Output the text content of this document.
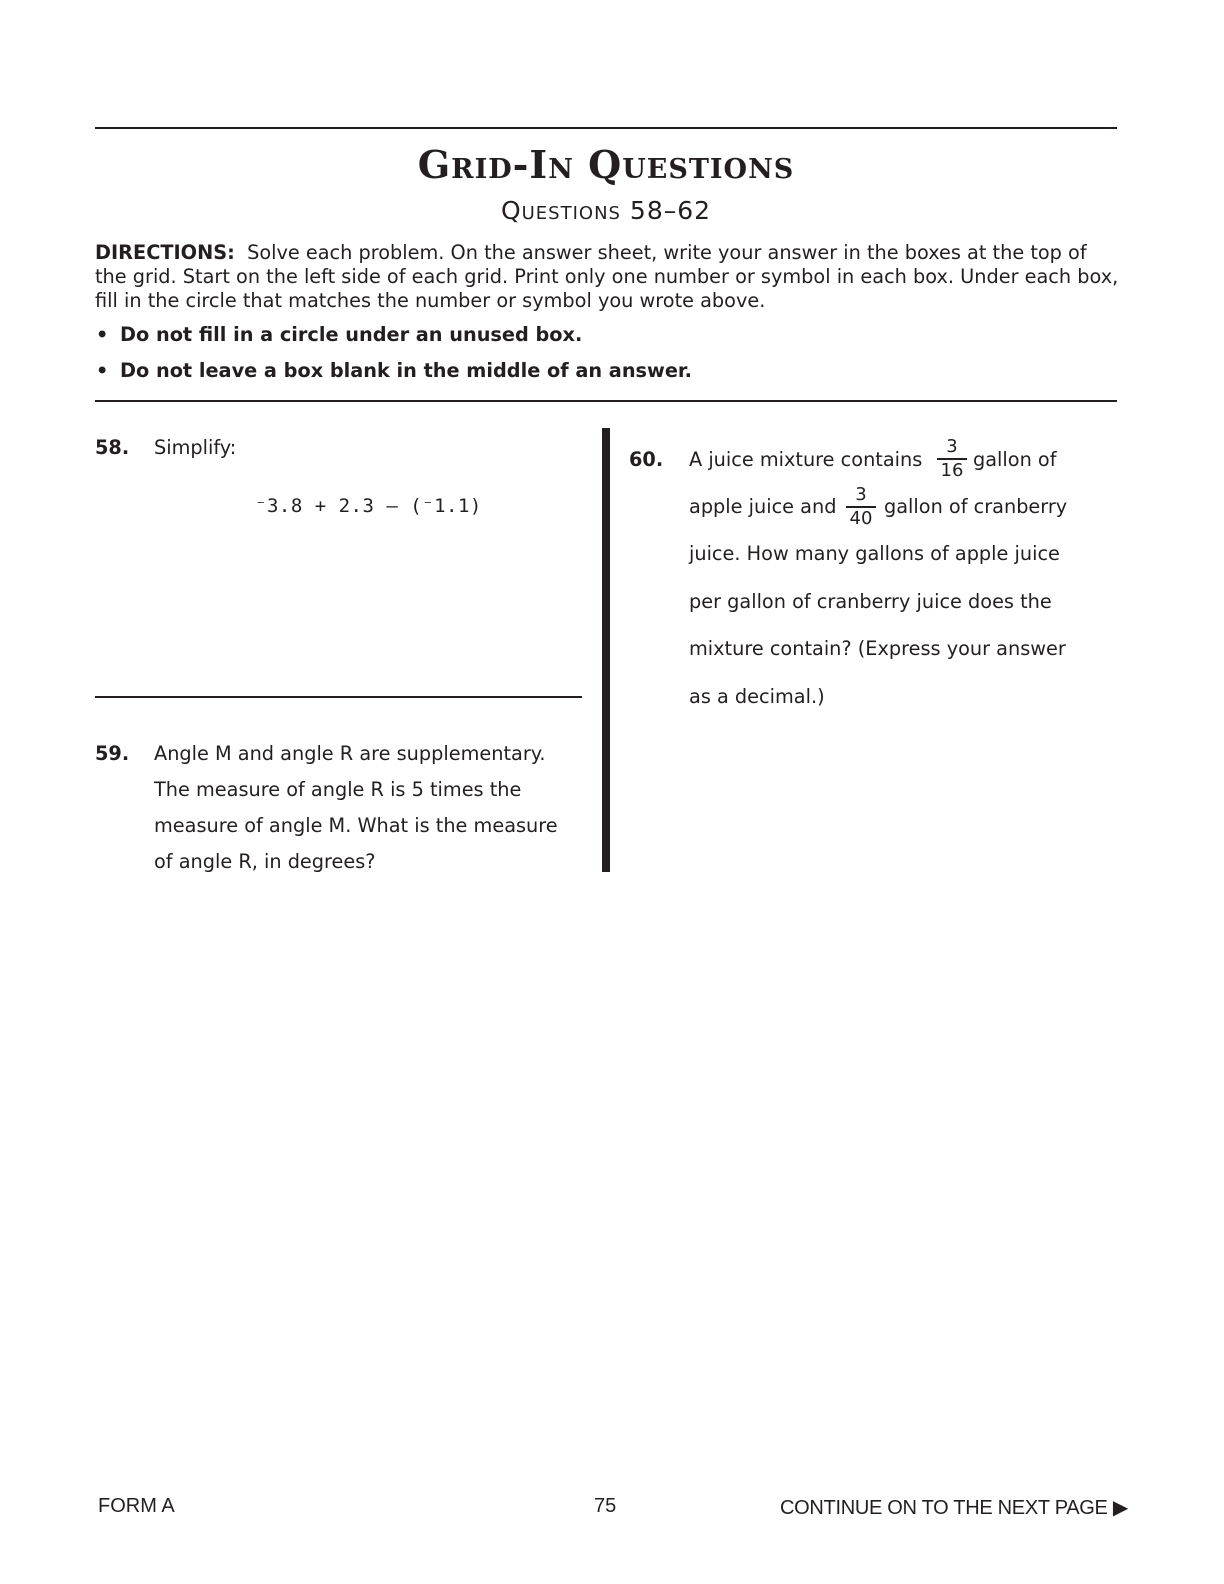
Grid-In Questions
Questions 58–62
DIRECTIONS: Solve each problem. On the answer sheet, write your answer in the boxes at the top of the grid. Start on the left side of each grid. Print only one number or symbol in each box. Under each box, fill in the circle that matches the number or symbol you wrote above.
• Do not fill in a circle under an unused box.
• Do not leave a box blank in the middle of an answer.
58. Simplify:
⁻3.8 + 2.3 – (⁻1.1)
59. Angle M and angle R are supplementary.
The measure of angle R is 5 times the
measure of angle M. What is the measure
of angle R, in degrees?
60. A juice mixture contains
3
16 gallon of
apple juice and
3
40 gallon of cranberry
juice. How many gallons of apple juice
per gallon of cranberry juice does the
mixture contain? (Express your answer
as a decimal.)
FORM A	75	CONTINUE ON TO THE NEXT PAGE ▶
